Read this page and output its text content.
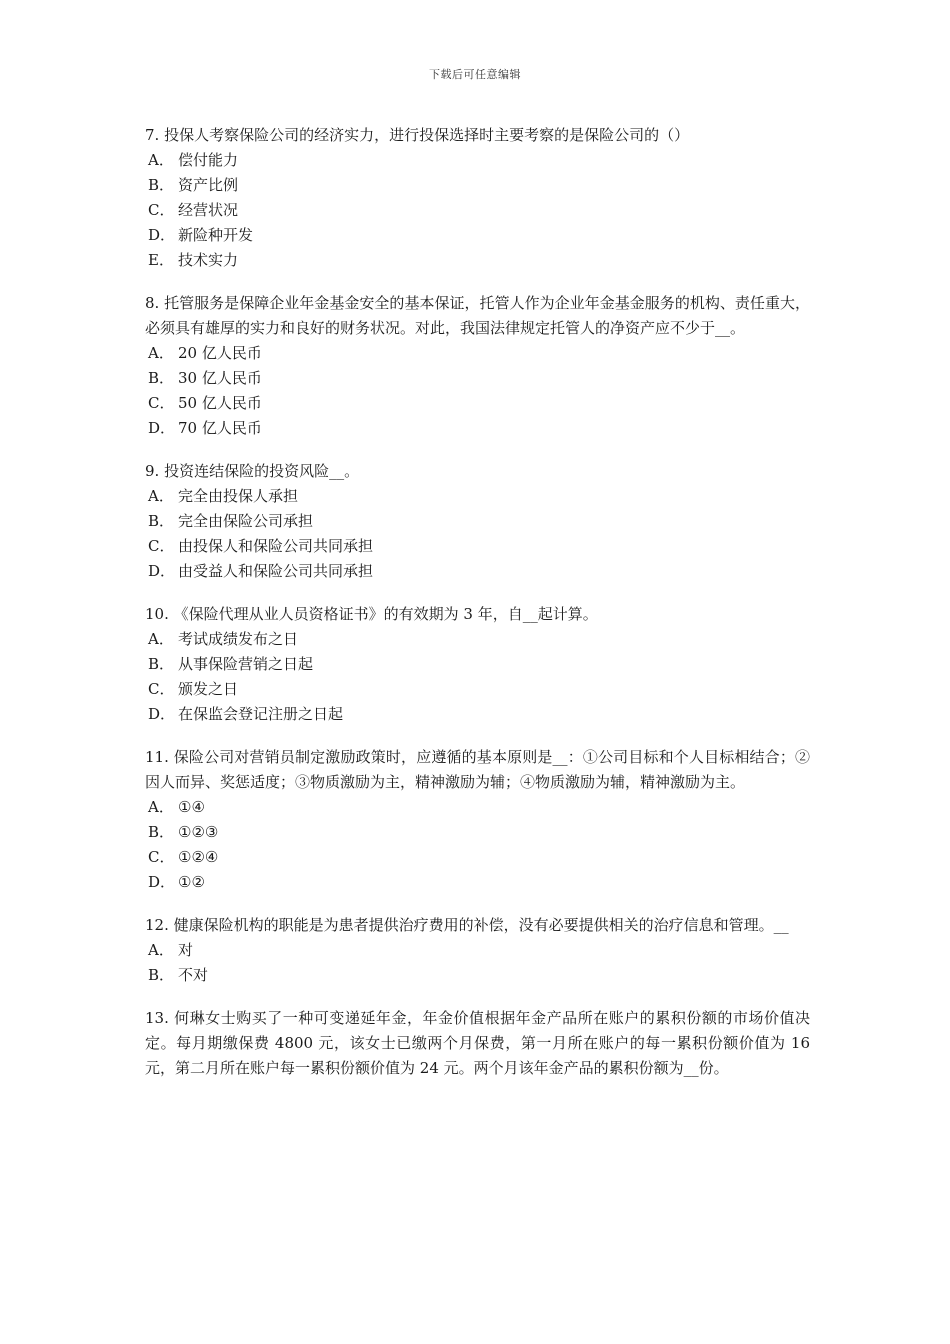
下载后可任意编辑

7. 投保人考察保险公司的经济实力，进行投保选择时主要考察的是保险公司的（）

A． 偿付能力
B． 资产比例
C． 经营状况
D． 新险种开发
E． 技术实力

8. 托管服务是保障企业年金基金安全的基本保证，托管人作为企业年金基金服务的机构、责任重大，必须具有雄厚的实力和良好的财务状况。对此，我国法律规定托管人的净资产应不少于__。

A． 20 亿人民币
B． 30 亿人民币
C． 50 亿人民币
D． 70 亿人民币

9. 投资连结保险的投资风险__。

A． 完全由投保人承担
B． 完全由保险公司承担
C． 由投保人和保险公司共同承担
D． 由受益人和保险公司共同承担

10. 《保险代理从业人员资格证书》的有效期为 3 年，自__起计算。

A． 考试成绩发布之日
B． 从事保险营销之日起
C． 颁发之日
D． 在保监会登记注册之日起

11. 保险公司对营销员制定激励政策时，应遵循的基本原则是__：①公司目标和个人目标相结合；②因人而异、奖惩适度；③物质激励为主，精神激励为辅；④物质激励为辅，精神激励为主。

A． ①④
B． ①②③
C． ①②④
D． ①②

12. 健康保险机构的职能是为患者提供治疗费用的补偿，没有必要提供相关的治疗信息和管理。__

A． 对
B． 不对

13. 何琳女士购买了一种可变递延年金，年金价值根据年金产品所在账户的累积份额的市场价值决定。每月期缴保费 4800 元，该女士已缴两个月保费，第一月所在账户的每一累积份额价值为 16 元，第二月所在账户每一累积份额价值为 24 元。两个月该年金产品的累积份额为__份。
